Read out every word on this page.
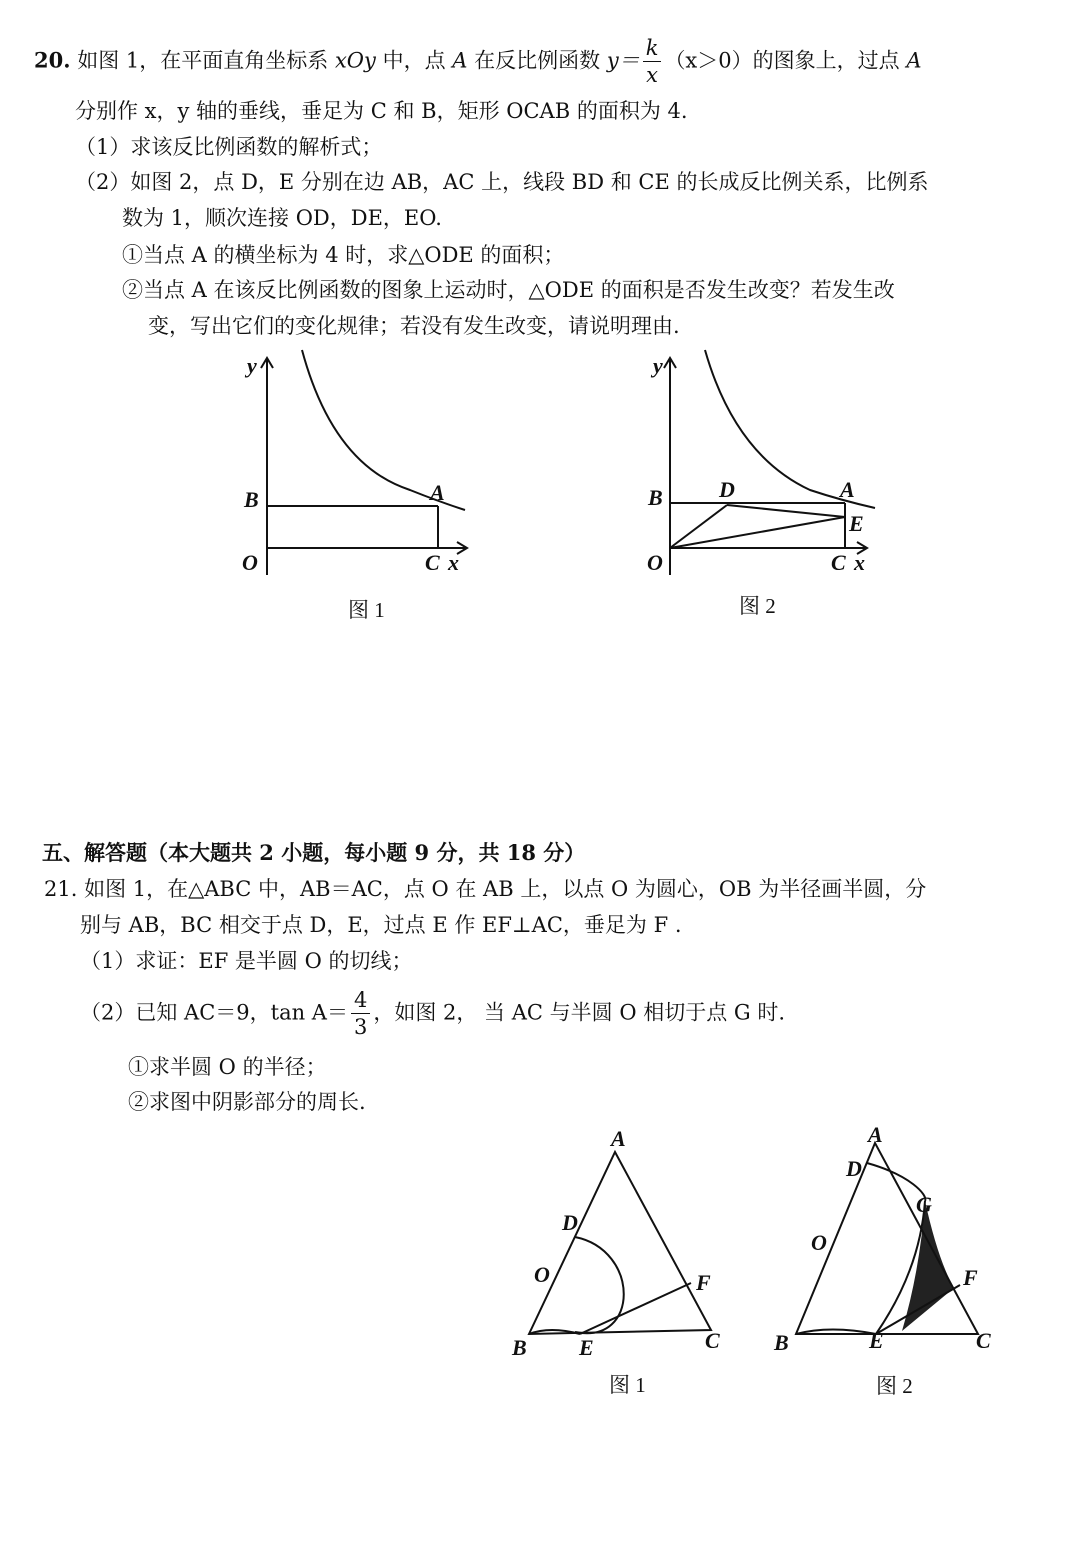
20. 如图 1，在平面直角坐标系 xOy 中，点 A 在反比例函数 $y= \frac{k}{x} (x>0)$的图象上，过点 A
分别作 x，y 轴的垂线，垂足为 C 和 B，矩形 OCAB 的面积为 4.
（1）求该反比例函数的解析式；
（2）如图 2，点 D，E 分别在边 AB，AC 上，线段 BD 和 CE 的长成反比例关系，比例系
数为 1，顺次连接 OD，DE，EO.
①当点 A 的横坐标为 4 时，求△ODE 的面积；
②当点 A 在该反比例函数的图象上运动时，△ODE 的面积是否发生改变？若发生改
变，写出它们的变化规律；若没有发生改变，请说明理由.
y
B	A
O	C x
图 1
y
B	D	A
E
O	C x
图 2
五、解答题（本大题共 2 小题，每小题 9 分，共 18 分）
21. 如图 1，在△ABC 中，AB＝AC，点 O 在 AB 上，以点 O 为圆心，OB 为半径画半圆，分
别与 AB，BC 相交于点 D，E，过点 E 作 EF⊥AC，垂足为 F .
（1）求证：EF 是半圆 O 的切线；
（2）已知 AC＝9，$\tan A= \frac{4}{3}$ ，如图 2， 当 AC 与半圆 O 相切于点 G 时.
①求半圆 O 的半径；
②求图中阴影部分的周长.
A
D
O	F
B E	C
图 1
A
D
G
O
F
B	E	C
图 2
